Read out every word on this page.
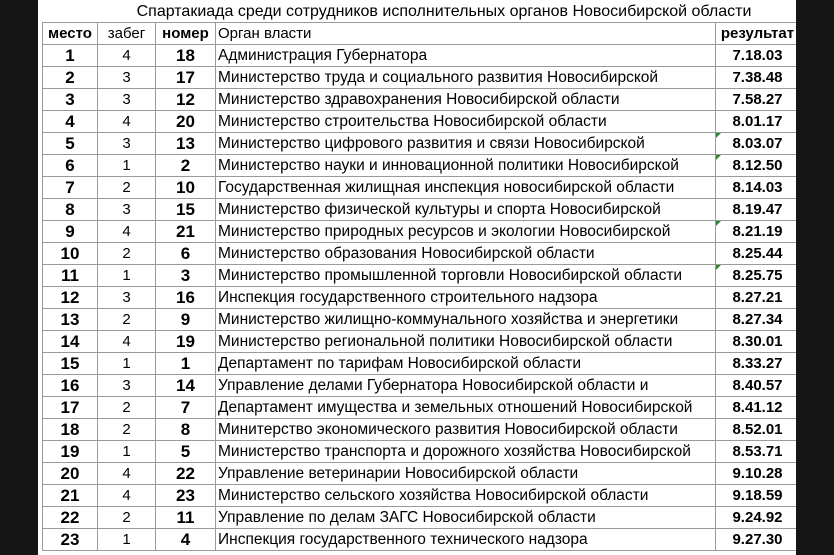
Спартакиада среди сотрудников исполнительных органов Новосибирской области
место	забег	номер	Орган власти	результат
1	4	18	Администрация Губернатора	7.18.03
2	3	17	Министерство труда и социального развития Новосибирской	7.38.48
3	3	12	Министерство здравохранения Новосибирской области	7.58.27
4	4	20	Министерство строительства Новосибирской области	8.01.17
5	3	13	Министерство цифрового развития и связи Новосибирской	8.03.07
6	1	2	Министерство науки и инновационной политики Новосибирской	8.12.50
7	2	10	Государственная жилищная инспекция новосибирской области	8.14.03
8	3	15	Министерство физической культуры и спорта Новосибирской	8.19.47
9	4	21	Министерство природных ресурсов и экологии Новосибирской	8.21.19
10	2	6	Министерство образования Новосибирской области	8.25.44
11	1	3	Министерство промышленной торговли Новосибирской области	8.25.75
12	3	16	Инспекция государственного строительного надзора	8.27.21
13	2	9	Министерство жилищно-коммунального хозяйства и энергетики	8.27.34
14	4	19	Министерство региональной политики Новосибирской области	8.30.01
15	1	1	Департамент по тарифам Новосибирской области	8.33.27
16	3	14	Управление делами Губернатора Новосибирской области и	8.40.57
17	2	7	Департамент имущества и земельных отношений Новосибирской	8.41.12
18	2	8	Минитерство экономического развития Новосибирской области	8.52.01
19	1	5	Министерство транспорта и дорожного хозяйства Новосибирской	8.53.71
20	4	22	Управление ветеринарии Новосибирской области	9.10.28
21	4	23	Министерство сельского хозяйства Новосибирской области	9.18.59
22	2	11	Управление по делам ЗАГС Новосибирской области	9.24.92
23	1	4	Инспекция государственного технического надзора	9.27.30
